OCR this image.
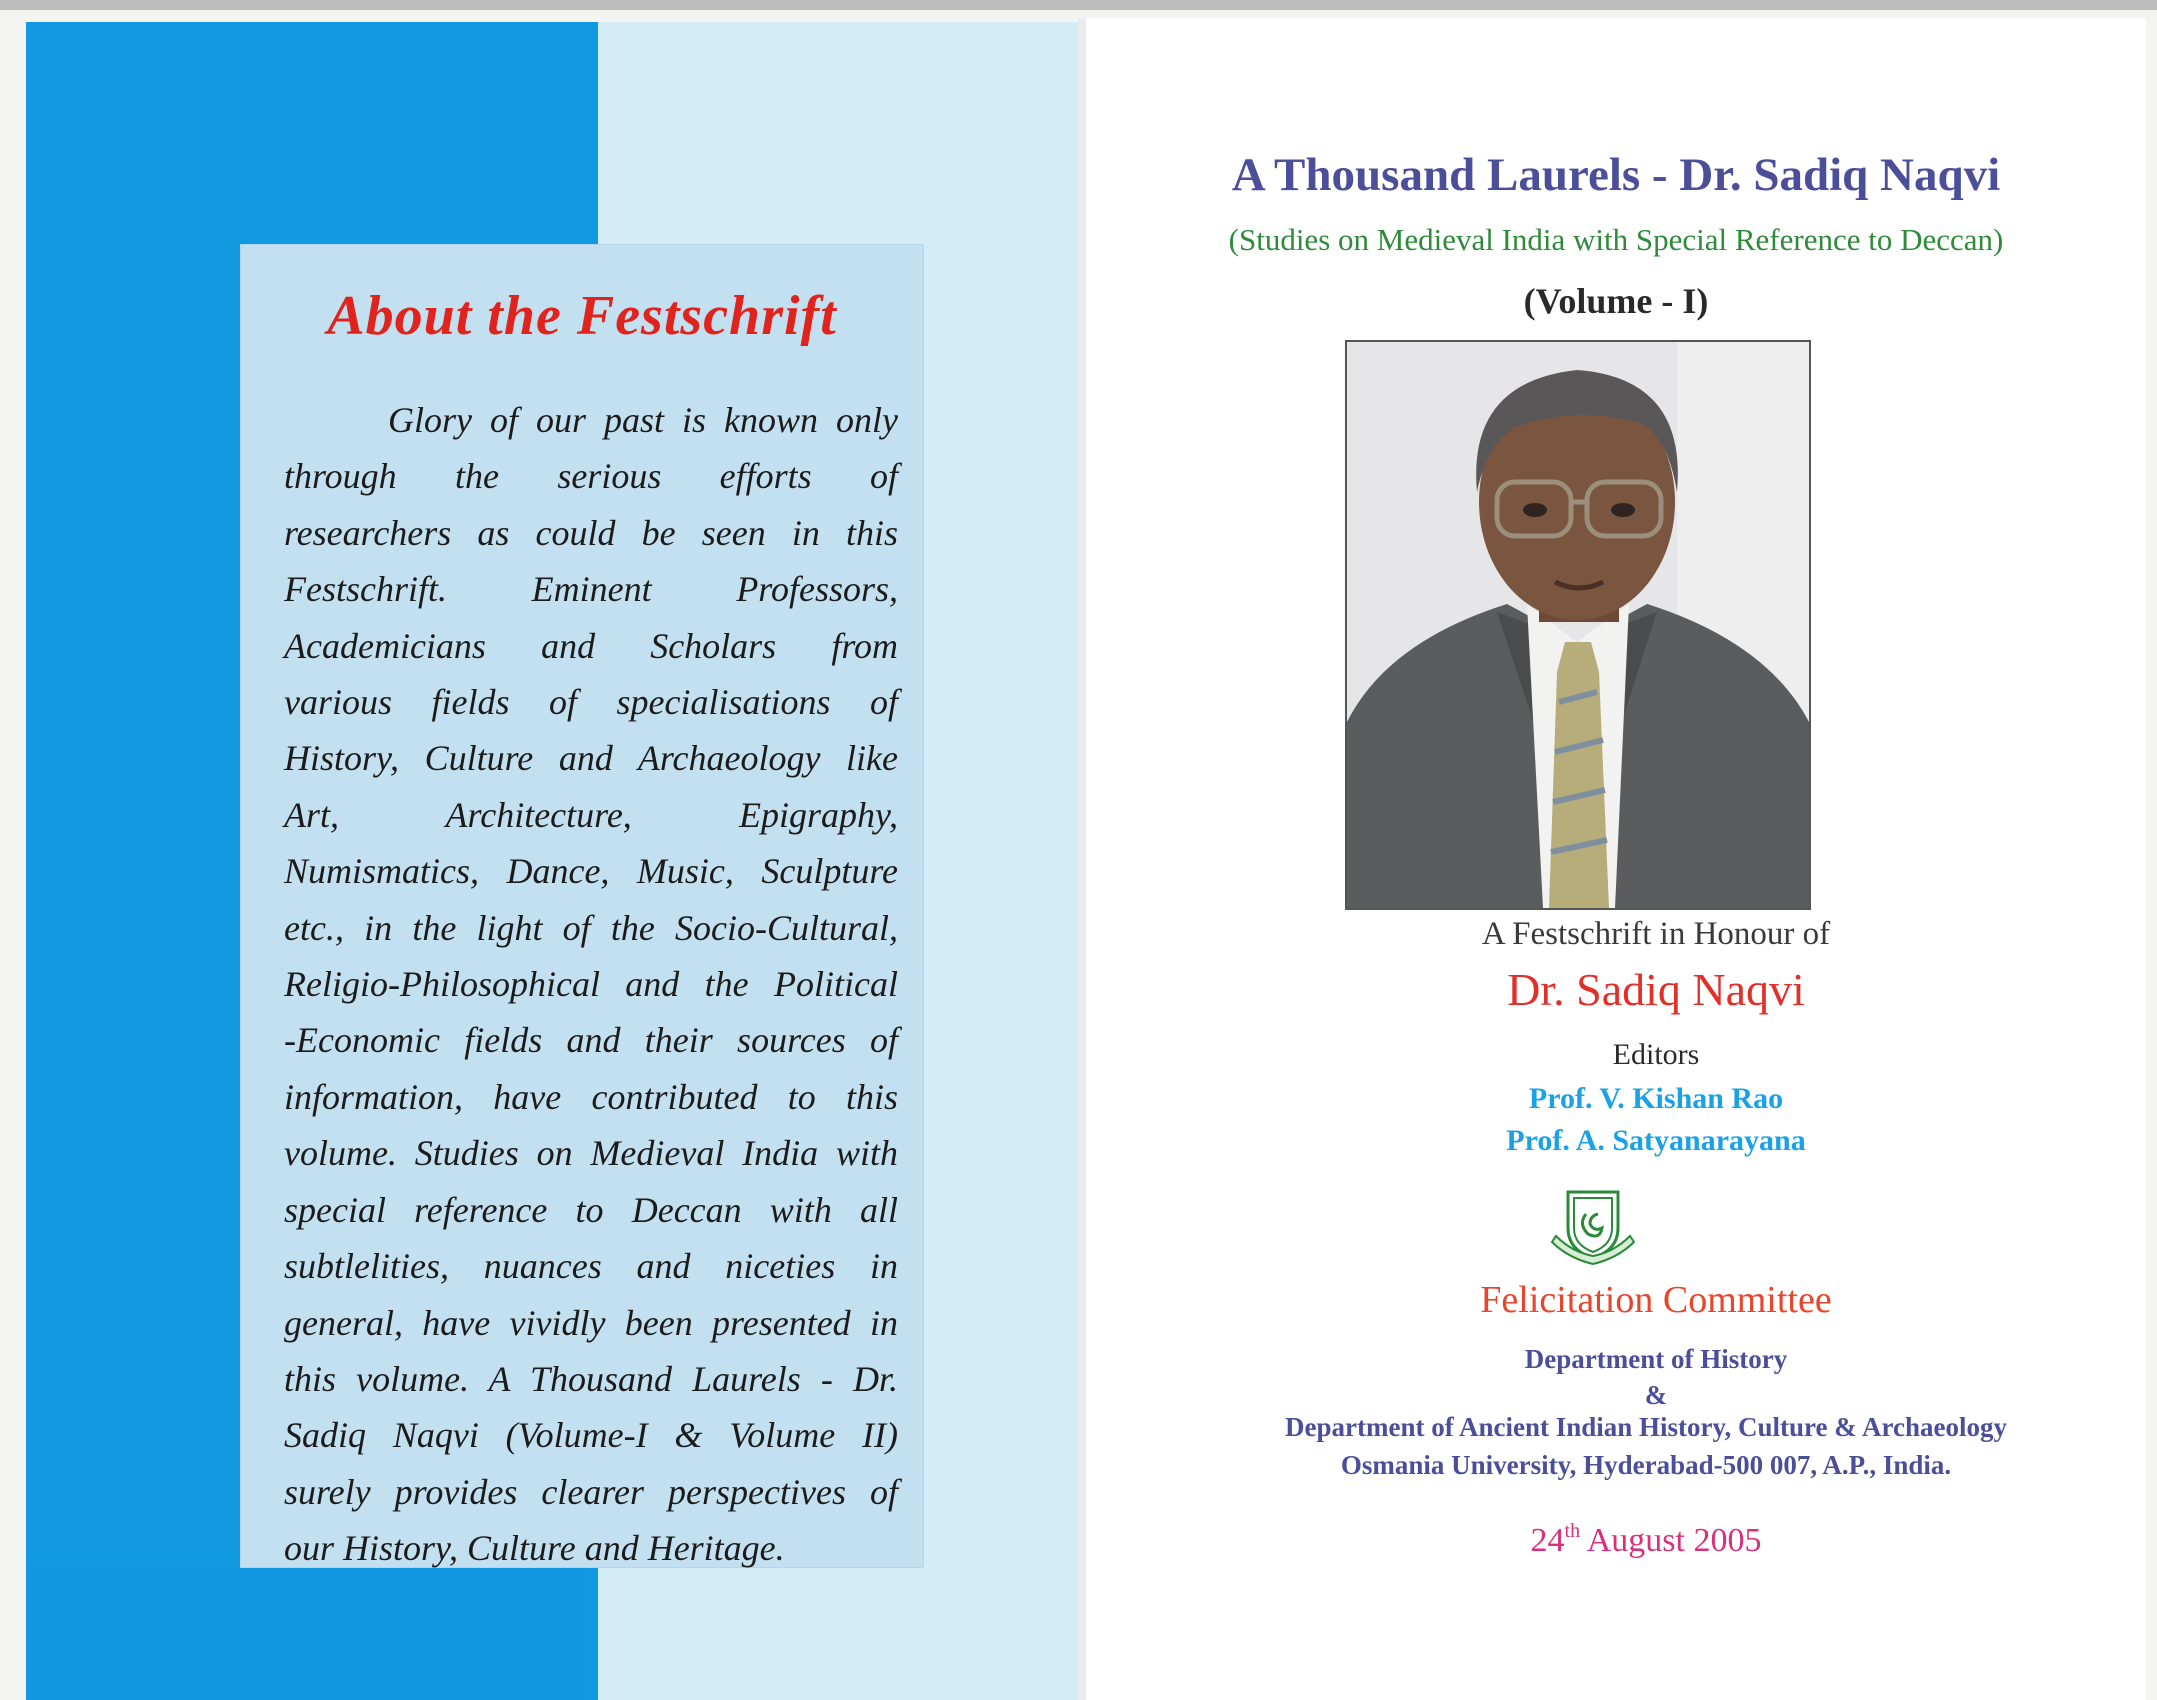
About the Festschrift

Glory of our past is known only
through the serious efforts of
researchers as could be seen in this
Festschrift. Eminent Professors,
Academicians and Scholars from
various fields of specialisations of
History, Culture and Archaeology like
Art, Architecture, Epigraphy,
Numismatics, Dance, Music, Sculpture
etc., in the light of the Socio-Cultural,
Religio-Philosophical and the Political
-Economic fields and their sources of
information, have contributed to this
volume. Studies on Medieval India with
special reference to Deccan with all
subtlelities, nuances and niceties in
general, have vividly been presented in
this volume. A Thousand Laurels - Dr.
Sadiq Naqvi (Volume-I & Volume II)
surely provides clearer perspectives of
our History, Culture and Heritage.

A Thousand Laurels - Dr. Sadiq Naqvi
(Studies on Medieval India with Special Reference to Deccan)
(Volume - I)
A Festschrift in Honour of
Dr. Sadiq Naqvi
Editors
Prof. V. Kishan Rao
Prof. A. Satyanarayana
Felicitation Committee
Department of History
&
Department of Ancient Indian History, Culture & Archaeology
Osmania University, Hyderabad-500 007, A.P., India.
24th August 2005
